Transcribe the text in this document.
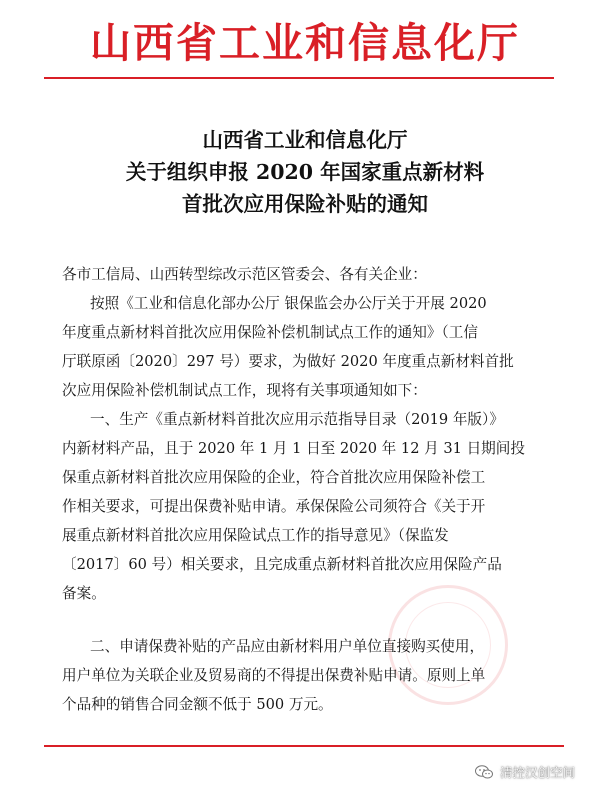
山西省工业和信息化厅
山西省工业和信息化厅
关于组织申报 2020 年国家重点新材料
首批次应用保险补贴的通知
各市工信局、山西转型综改示范区管委会、各有关企业：
按照《工业和信息化部办公厅 银保监会办公厅关于开展 2020
年度重点新材料首批次应用保险补偿机制试点工作的通知》（工信
厅联原函〔2020〕297 号）要求，为做好 2020 年度重点新材料首批
次应用保险补偿机制试点工作，现将有关事项通知如下：
一、生产《重点新材料首批次应用示范指导目录（2019 年版）》
内新材料产品，且于 2020 年 1 月 1 日至 2020 年 12 月 31 日期间投
保重点新材料首批次应用保险的企业，符合首批次应用保险补偿工
作相关要求，可提出保费补贴申请。承保保险公司须符合《关于开
展重点新材料首批次应用保险试点工作的指导意见》（保监发
〔2017〕60 号）相关要求，且完成重点新材料首批次应用保险产品
备案。
二、申请保费补贴的产品应由新材料用户单位直接购买使用，
用户单位为关联企业及贸易商的不得提出保费补贴申请。原则上单
个品种的销售合同金额不低于 500 万元。
清控汉创空间
